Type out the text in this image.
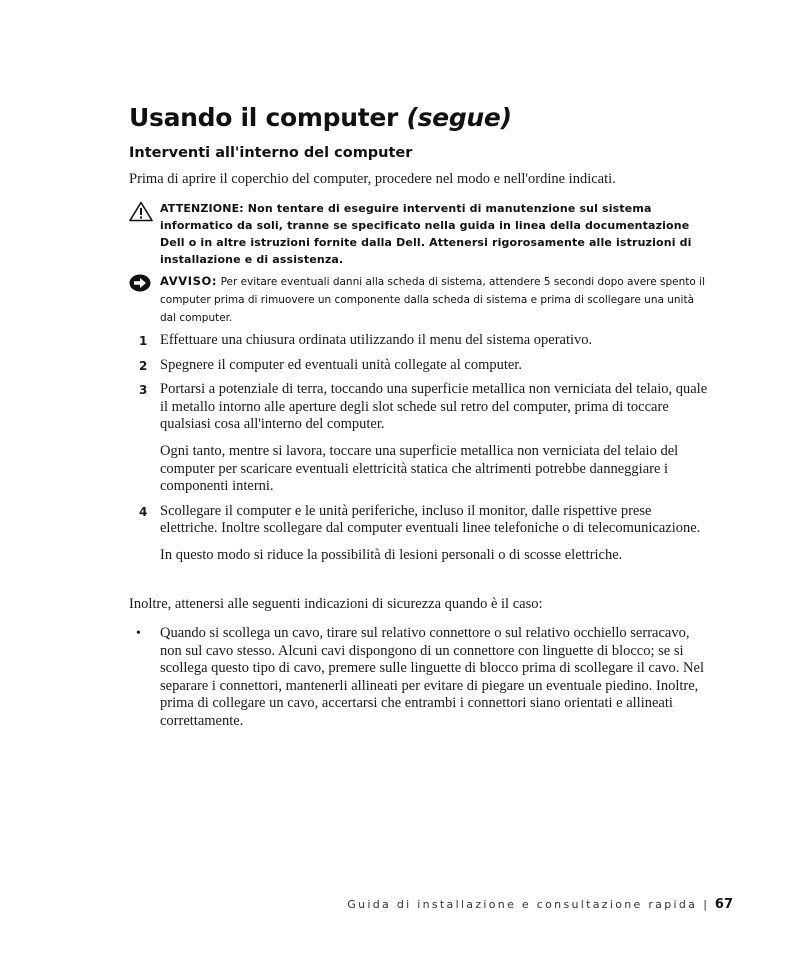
Usando il computer (segue)
Interventi all'interno del computer

Prima di aprire il coperchio del computer, procedere nel modo e nell'ordine indicati.

ATTENZIONE: Non tentare di eseguire interventi di manutenzione sul sistema informatico da soli, tranne se specificato nella guida in linea della documentazione Dell o in altre istruzioni fornite dalla Dell. Attenersi rigorosamente alle istruzioni di installazione e di assistenza.
AVVISO: Per evitare eventuali danni alla scheda di sistema, attendere 5 secondi dopo avere spento il computer prima di rimuovere un componente dalla scheda di sistema e prima di scollegare una unità dal computer.
1 Effettuare una chiusura ordinata utilizzando il menu del sistema operativo.

2 Spegnere il computer ed eventuali unità collegate al computer.

3 Portarsi a potenziale di terra, toccando una superficie metallica non verniciata del telaio, quale il metallo intorno alle aperture degli slot schede sul retro del computer, prima di toccare qualsiasi cosa all'interno del computer.

Ogni tanto, mentre si lavora, toccare una superficie metallica non verniciata del telaio del computer per scaricare eventuali elettricità statica che altrimenti potrebbe danneggiare i componenti interni.

4 Scollegare il computer e le unità periferiche, incluso il monitor, dalle rispettive prese elettriche. Inoltre scollegare dal computer eventuali linee telefoniche o di telecomunicazione.

In questo modo si riduce la possibilità di lesioni personali o di scosse elettriche.

Inoltre, attenersi alle seguenti indicazioni di sicurezza quando è il caso:

• Quando si scollega un cavo, tirare sul relativo connettore o sul relativo occhiello serracavo, non sul cavo stesso. Alcuni cavi dispongono di un connettore con linguette di blocco; se si scollega questo tipo di cavo, premere sulle linguette di blocco prima di scollegare il cavo. Nel separare i connettori, mantenerli allineati per evitare di piegare un eventuale piedino. Inoltre, prima di collegare un cavo, accertarsi che entrambi i connettori siano orientati e allineati correttamente.
Guida di installazione e consultazione rapida | 67
